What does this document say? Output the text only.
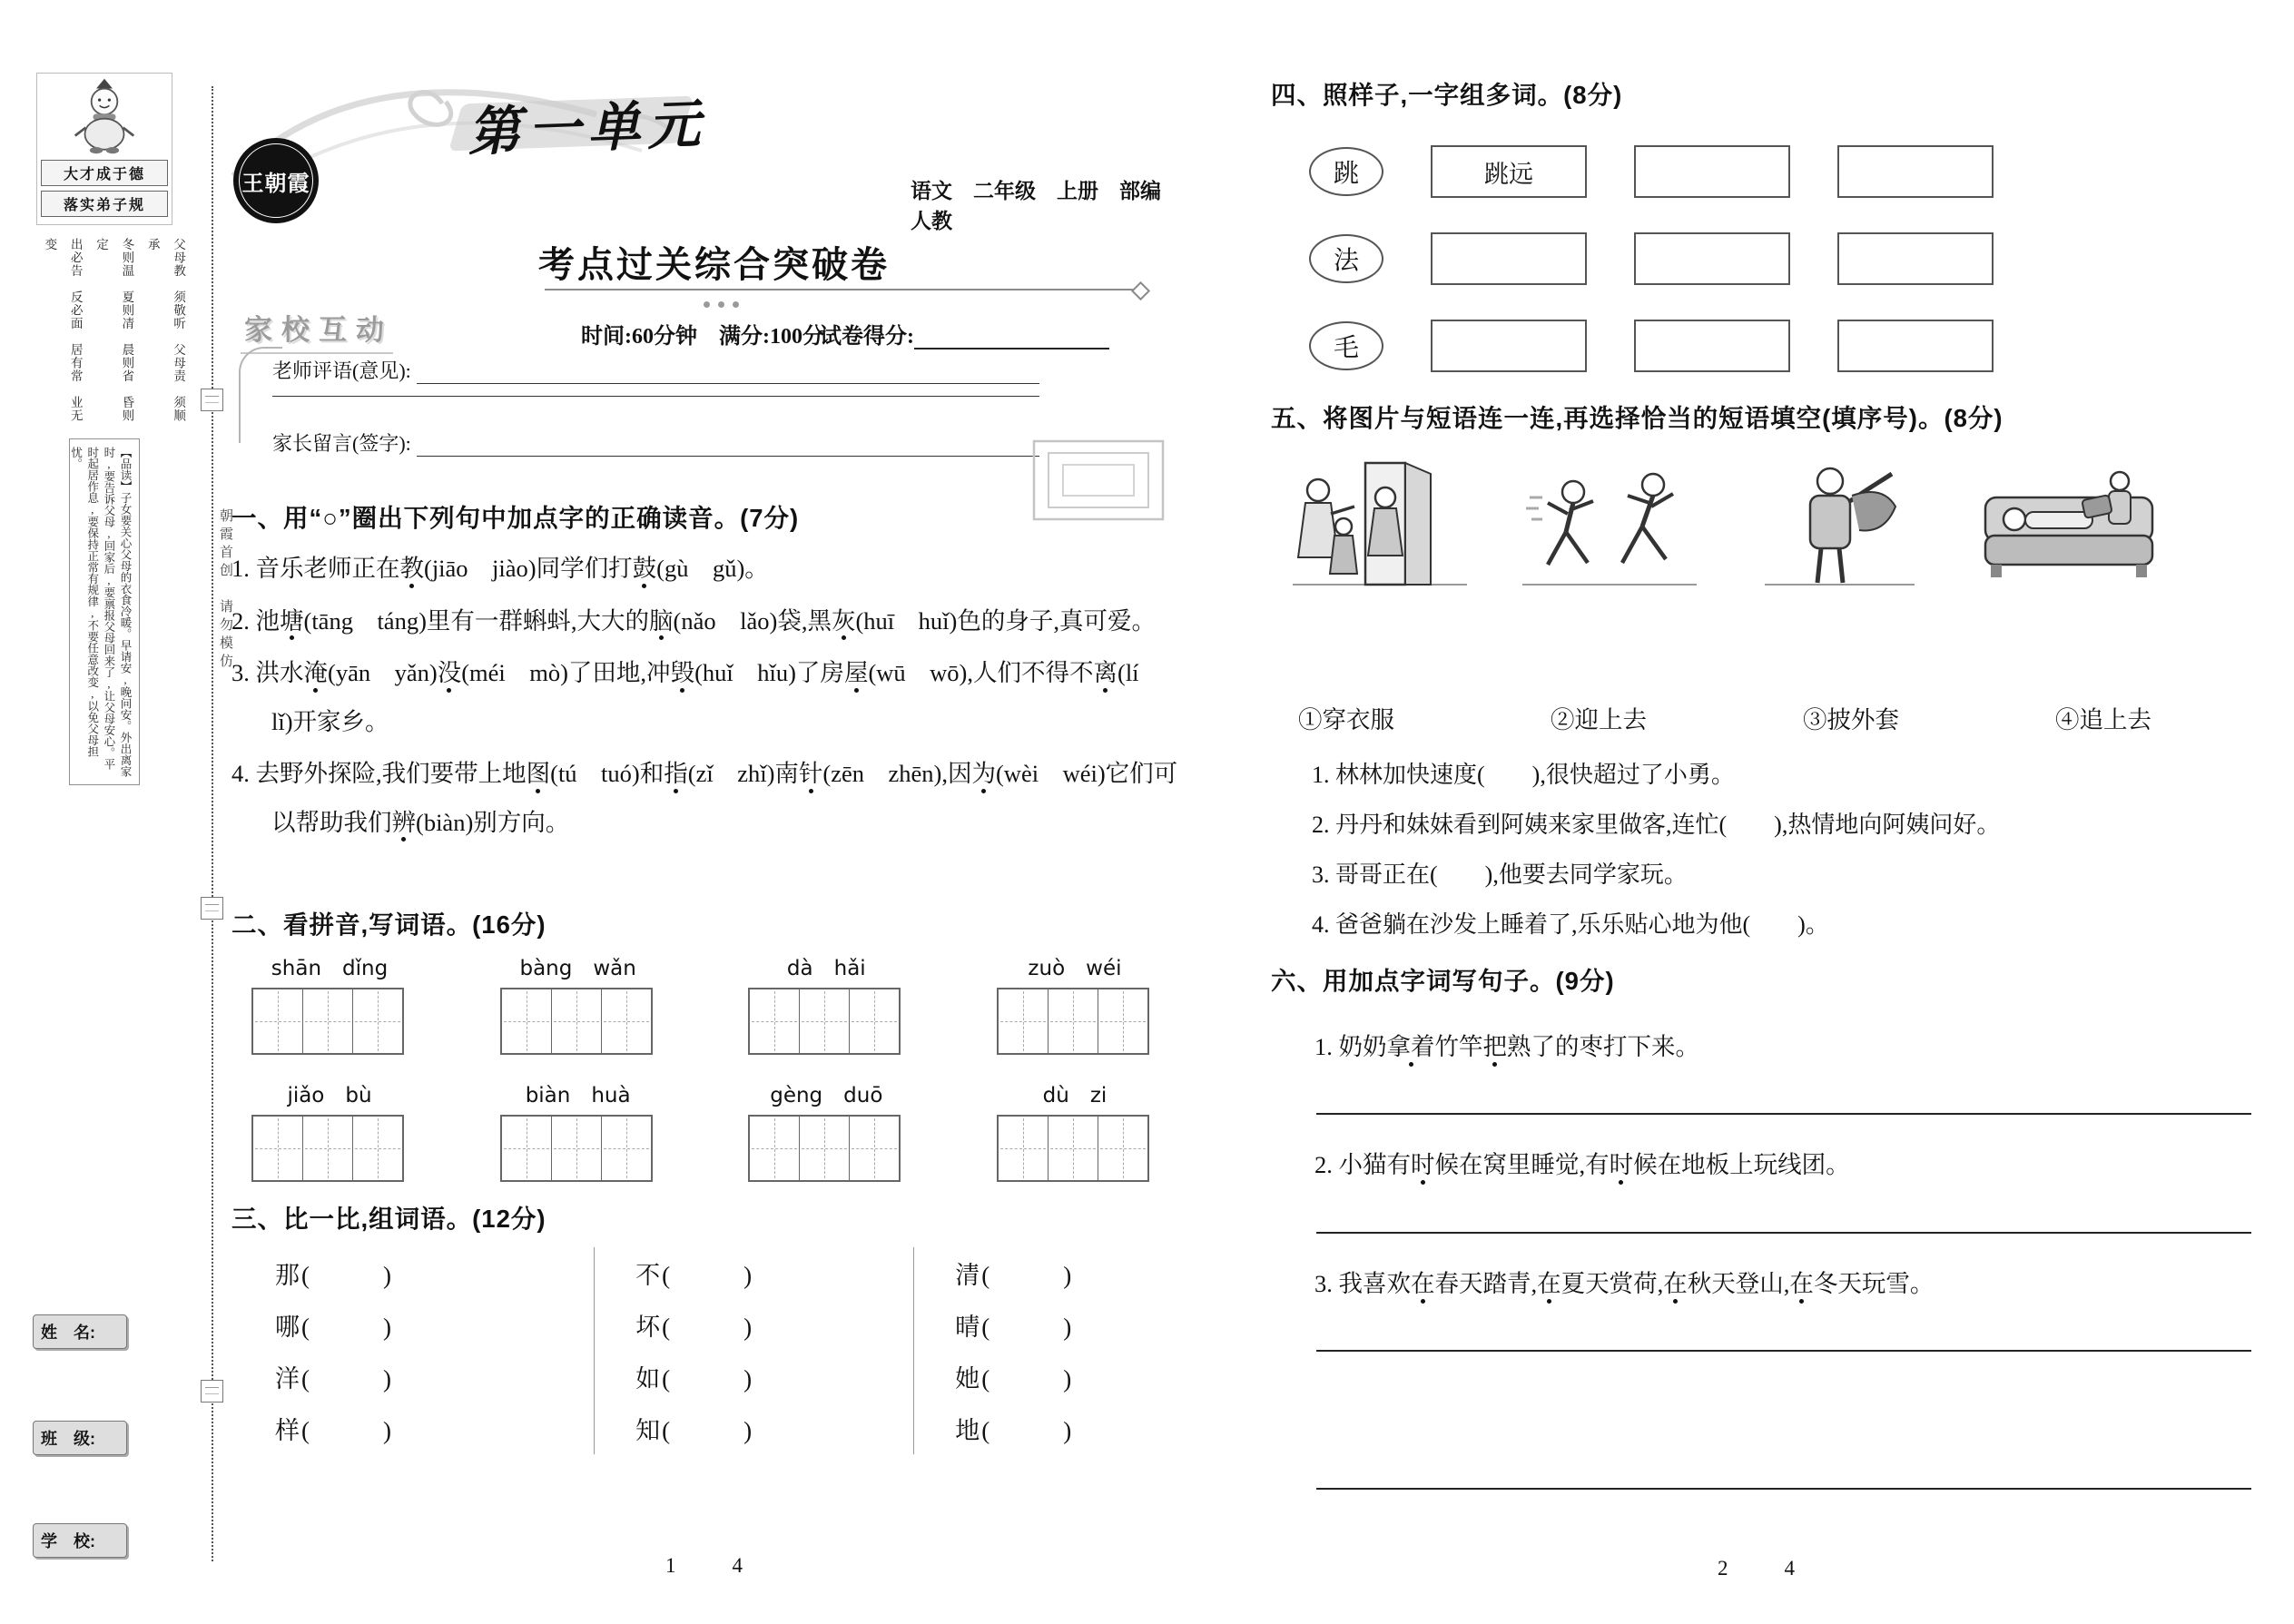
大才成于德
落实弟子规
父母教　须敬听　父母责　须顺承
冬则温　夏则凊　晨则省　昏则定
出必告　反必面　居有常　业无变
【品读】子女要关心父母的衣食冷暖。早请安,晚问安。外出离家时,要告诉父母,回家后,要禀报父母回来了,让父母安心。平时起居作息,要保持正常有规律,不要任意改变,以免父母担忧。
姓　名:
班　级:
学　校:
朝霞首创　请勿模仿
王朝霞
第一单元
考点过关综合突破卷
语文　二年级　上册　部编人教
家校互动	时间:60分钟　满分:100分
试卷得分:
老师评语(意见):
家长留言(签字):
一、用“○”圈出下列句中加点字的正确读音。(7分)
1. 音乐老师正在教(jiāo　jiào)同学们打鼓(gù　gǔ)。
2. 池塘(tāng　táng)里有一群蝌蚪,大大的脑(nǎo　lǎo)袋,黑灰(huī　huǐ)色的身子,真可爱。
3. 洪水淹(yān　yǎn)没(méi　mò)了田地,冲毁(huǐ　hǐu)了房屋(wū　wō),人们不得不离(lí　lǐ)开家乡。
4. 去野外探险,我们要带上地图(tú　tuó)和指(zǐ　zhǐ)南针(zēn　zhēn),因为(wèi　wéi)它们可以帮助我们辨(biàn)别方向。
二、看拼音,写词语。(16分)
shān　dǐng	bàng　wǎn	dà　hǎi	zuò　wéi
jiǎo　bù	biàn　huà	gèng　duō	dù　zi
三、比一比,组词语。(12分)
那 (　　　)
哪 (　　　)
洋 (　　　)
样 (　　　)
不 (　　　)
坏 (　　　)
如 (　　　)
知 (　　　)
清 (　　　)
晴 (　　　)
她 (　　　)
地 (　　　)
1	4
四、照样子,一字组多词。(8分)
跳	跳远
法
毛
五、将图片与短语连一连,再选择恰当的短语填空(填序号)。(8分)
①穿衣服	②迎上去	③披外套	④追上去
1. 林林加快速度(　　),很快超过了小勇。
2. 丹丹和妹妹看到阿姨来家里做客,连忙(　　),热情地向阿姨问好。
3. 哥哥正在(　　),他要去同学家玩。
4. 爸爸躺在沙发上睡着了,乐乐贴心地为他(　　)。
六、用加点字词写句子。(9分)
1. 奶奶拿着竹竿把熟了的枣打下来。
2. 小猫有时候在窝里睡觉,有时候在地板上玩线团。
3. 我喜欢在春天踏青,在夏天赏荷,在秋天登山,在冬天玩雪。
2	4
